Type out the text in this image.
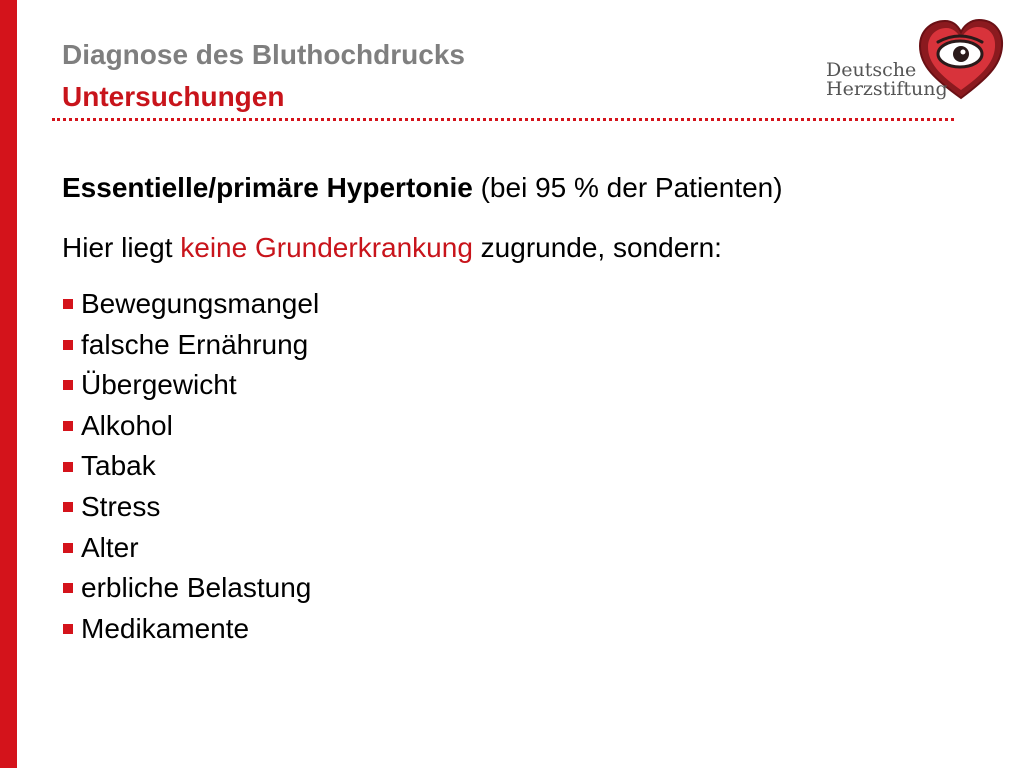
Diagnose des Bluthochdrucks
Untersuchungen
Deutsche
Herzstiftung
Essentielle/primäre Hypertonie (bei 95 % der Patienten)
Hier liegt keine Grunderkrankung zugrunde, sondern:
Bewegungsmangel
falsche Ernährung
Übergewicht
Alkohol
Tabak
Stress
Alter
erbliche Belastung
Medikamente
